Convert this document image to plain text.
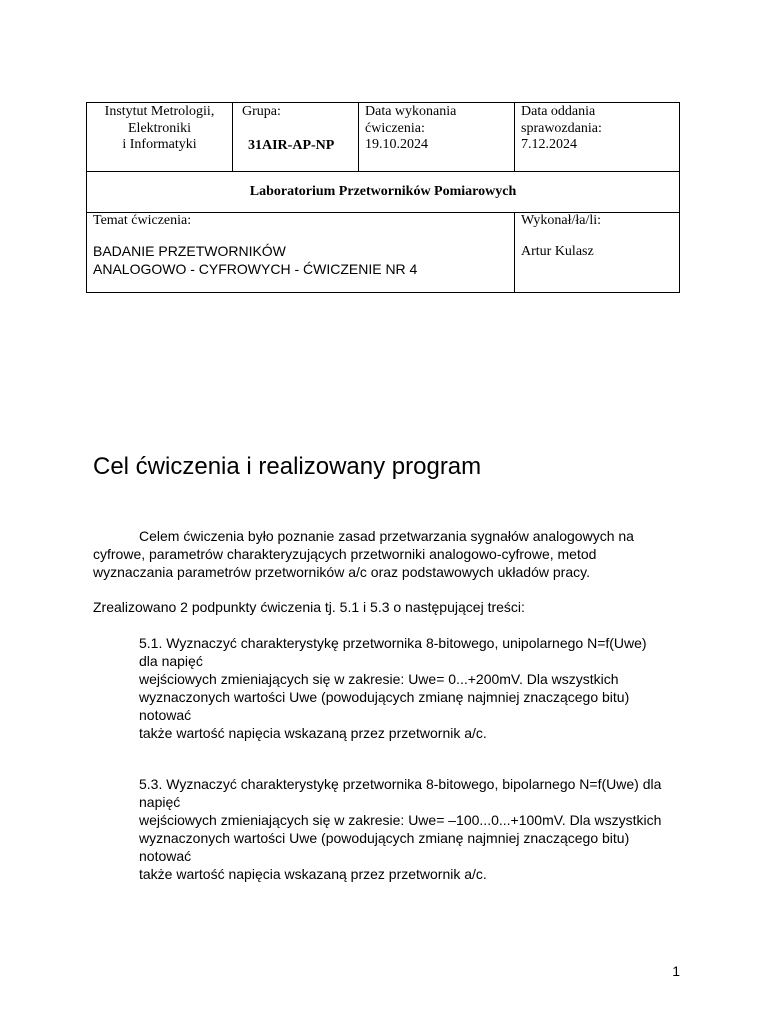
Instytut Metrologii,
Elektroniki
i Informatyki
Grupa:
31AIR-AP-NP
Data wykonania
ćwiczenia:
19.10.2024
Data oddania
sprawozdania:
7.12.2024
Laboratorium Przetworników Pomiarowych
Temat ćwiczenia:
BADANIE PRZETWORNIKÓW
ANALOGOWO - CYFROWYCH - ĆWICZENIE NR 4
Wykonał/ła/li:
Artur Kulasz
Cel ćwiczenia i realizowany program
Celem ćwiczenia było poznanie zasad przetwarzania sygnałów analogowych na
cyfrowe, parametrów charakteryzujących przetworniki analogowo-cyfrowe, metod
wyznaczania parametrów przetworników a/c oraz podstawowych układów pracy.
Zrealizowano 2 podpunkty ćwiczenia tj. 5.1 i 5.3 o następującej treści:
5.1. Wyznaczyć charakterystykę przetwornika 8-bitowego, unipolarnego N=f(Uwe)
dla napięć
wejściowych zmieniających się w zakresie: Uwe= 0...+200mV. Dla wszystkich
wyznaczonych wartości Uwe (powodujących zmianę najmniej znaczącego bitu)
notować
także wartość napięcia wskazaną przez przetwornik a/c.
5.3. Wyznaczyć charakterystykę przetwornika 8-bitowego, bipolarnego N=f(Uwe) dla
napięć
wejściowych zmieniających się w zakresie: Uwe= –100...0...+100mV. Dla wszystkich
wyznaczonych wartości Uwe (powodujących zmianę najmniej znaczącego bitu)
notować
także wartość napięcia wskazaną przez przetwornik a/c.
1
